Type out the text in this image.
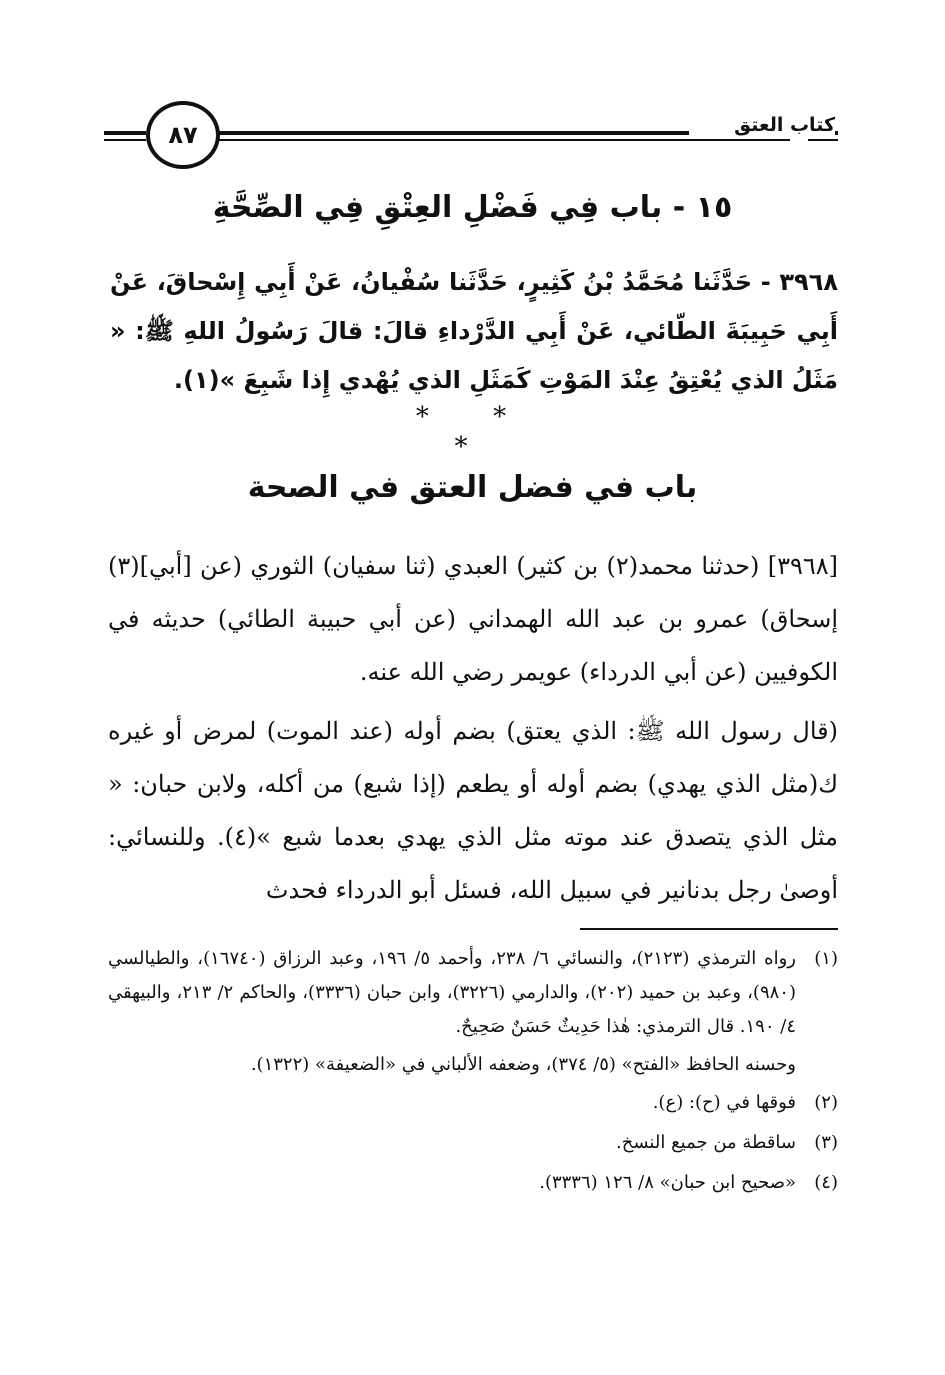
كتاب العتق
٨٧
١٥ - باب فِي فَضْلِ العِتْقِ فِي الصِّحَّةِ
٣٩٦٨ - حَدَّثَنا مُحَمَّدُ بْنُ كَثِيرٍ، حَدَّثَنا سُفْيانُ، عَنْ أَبِي إِسْحاقَ، عَنْ أَبِي حَبِيبَةَ الطّائي، عَنْ أَبِي الدَّرْداءِ قالَ: قالَ رَسُولُ اللهِ ﷺ: « مَثَلُ الذي يُعْتِقُ عِنْدَ المَوْتِ كَمَثَلِ الذي يُهْدي إِذا شَبِعَ »(١).
* * *
باب في فضل العتق في الصحة

[٣٩٦٨] (حدثنا محمد(٢) بن كثير) العبدي (ثنا سفيان) الثوري (عن [أبي](٣) إسحاق) عمرو بن عبد الله الهمداني (عن أبي حبيبة الطائي) حديثه في الكوفيين (عن أبي الدرداء) عويمر رضي الله عنه.

(قال رسول الله ﷺ: الذي يعتق) بضم أوله (عند الموت) لمرض أو غيره ك(مثل الذي يهدي) بضم أوله أو يطعم (إذا شبع) من أكله، ولابن حبان: « مثل الذي يتصدق عند موته مثل الذي يهدي بعدما شبع »(٤). وللنسائي: أوصىٰ رجل بدنانير في سبيل الله، فسئل أبو الدرداء فحدث

(١)
رواه الترمذي (٢١٢٣)، والنسائي ٦/ ٢٣٨، وأحمد ٥/ ١٩٦، وعبد الرزاق (١٦٧٤٠)، والطيالسي (٩٨٠)، وعبد بن حميد (٢٠٢)، والدارمي (٣٢٢٦)، وابن حبان (٣٣٣٦)، والحاكم ٢/ ٢١٣، والبيهقي ٤/ ١٩٠. قال الترمذي: هٰذا حَدِيثٌ حَسَنٌ صَحِيحٌ.
وحسنه الحافظ «الفتح» (٥/ ٣٧٤)، وضعفه الألباني في «الضعيفة» (١٣٢٢).
(٢)
فوقها في (ح): (ع).
(٣)
ساقطة من جميع النسخ.
(٤)
«صحيح ابن حبان» ٨/ ١٢٦ (٣٣٣٦).
